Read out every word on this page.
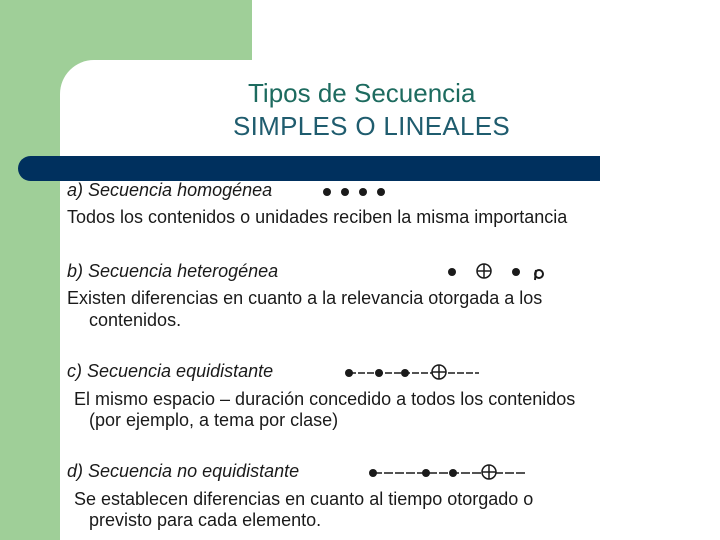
Tipos de Secuencia
SIMPLES O LINEALES
a) Secuencia homogénea
Todos los contenidos o unidades reciben la misma importancia
b) Secuencia heterogénea
Existen diferencias en cuanto a la relevancia otorgada a los
contenidos.
c) Secuencia equidistante
El mismo espacio – duración concedido a todos los contenidos
(por ejemplo, a tema por clase)
d) Secuencia no equidistante
Se establecen diferencias en cuanto al tiempo otorgado o
previsto para cada elemento.
